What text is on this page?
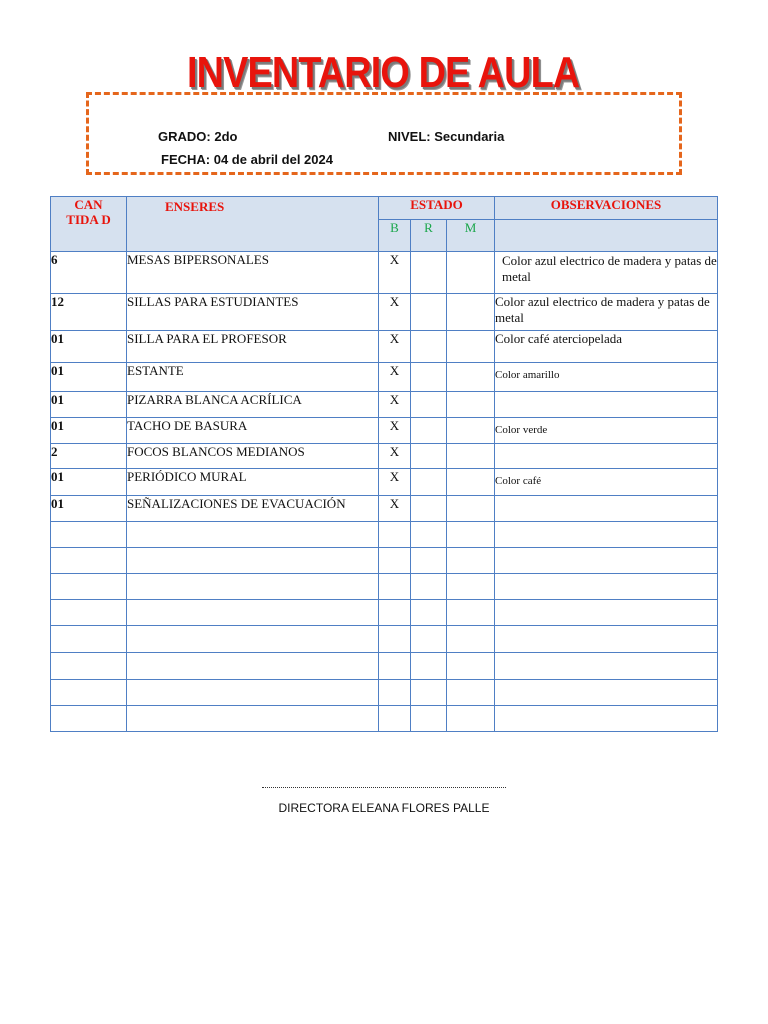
INVENTARIO DE AULA
GRADO: 2do	NIVEL: Secundaria
FECHA: 04 de abril del 2024
CAN
TIDA D	ENSERES	ESTADO			OBSERVACIONES
		B	R	M	
6	MESAS BIPERSONALES	X			Color azul electrico de madera y patas de metal
12	SILLAS PARA ESTUDIANTES	X			Color azul electrico de madera y patas de metal
01	SILLA PARA EL PROFESOR	X			Color café aterciopelada
01	ESTANTE	X			Color amarillo
01	PIZARRA BLANCA ACRÍLICA	X			
01	TACHO DE BASURA	X			Color verde
2	FOCOS BLANCOS MEDIANOS	X			
01	PERIÓDICO MURAL	X			Color café
01	SEÑALIZACIONES DE EVACUACIÓN	X			

DIRECTORA ELEANA FLORES PALLE
